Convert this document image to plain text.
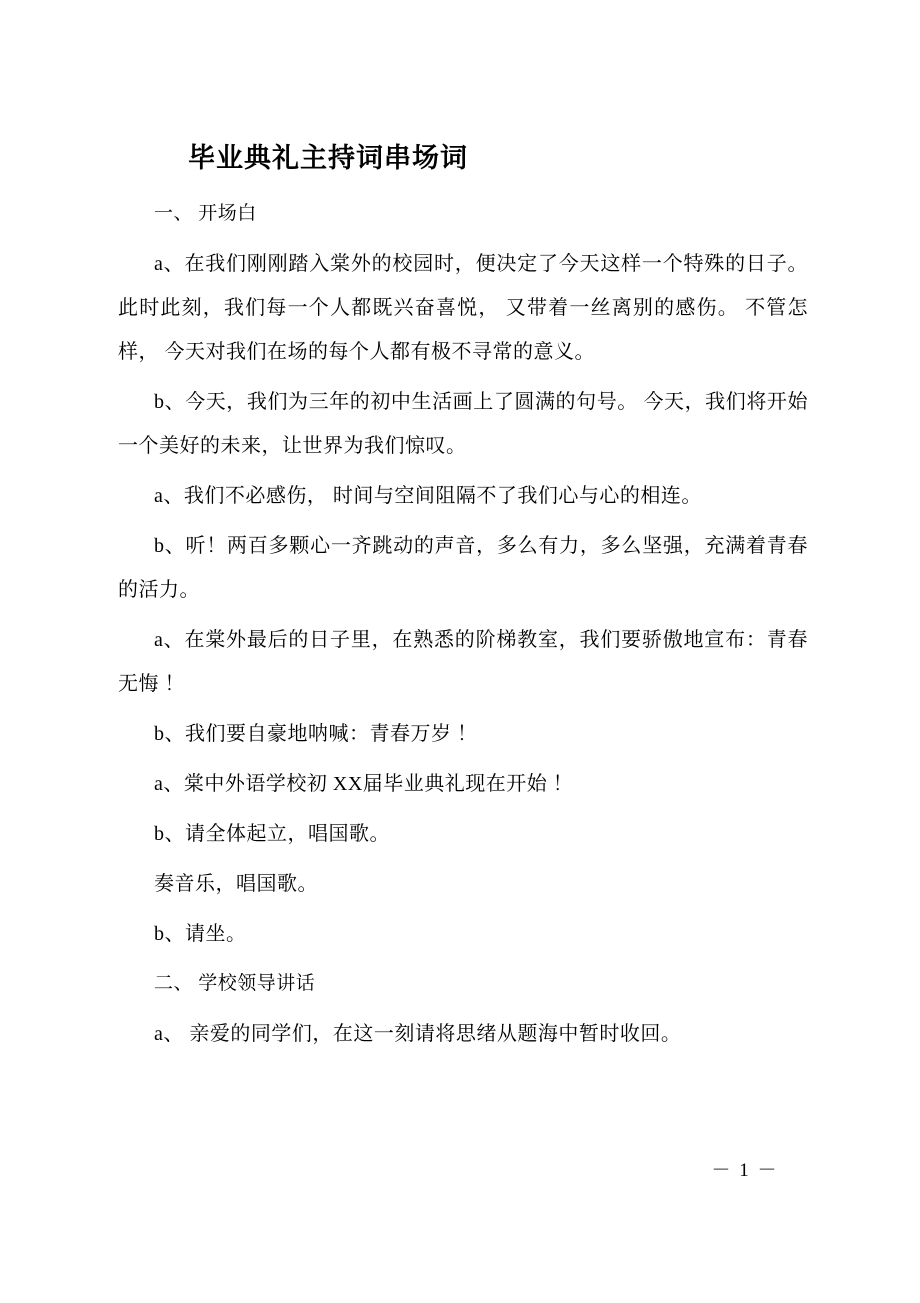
毕业典礼主持词串场词

一、 开场白

a、在我们刚刚踏入棠外的校园时，便决定了今天这样一个特殊的日子。此时此刻，我们每一个人都既兴奋喜悦， 又带着一丝离别的感伤。 不管怎样， 今天对我们在场的每个人都有极不寻常的意义。

b、今天，我们为三年的初中生活画上了圆满的句号。 今天，我们将开始一个美好的未来，让世界为我们惊叹。

a、我们不必感伤， 时间与空间阻隔不了我们心与心的相连。

b、听！两百多颗心一齐跳动的声音，多么有力，多么坚强，充满着青春的活力。

a、在棠外最后的日子里，在熟悉的阶梯教室，我们要骄傲地宣布：青春无悔 ！

b、我们要自豪地呐喊：青春万岁 ！

a、棠中外语学校初 XX届毕业典礼现在开始 ！

b、请全体起立，唱国歌。

奏音乐，唱国歌。

b、请坐。

二、 学校领导讲话

a、 亲爱的同学们，在这一刻请将思绪从题海中暂时收回。

－ 1 －
